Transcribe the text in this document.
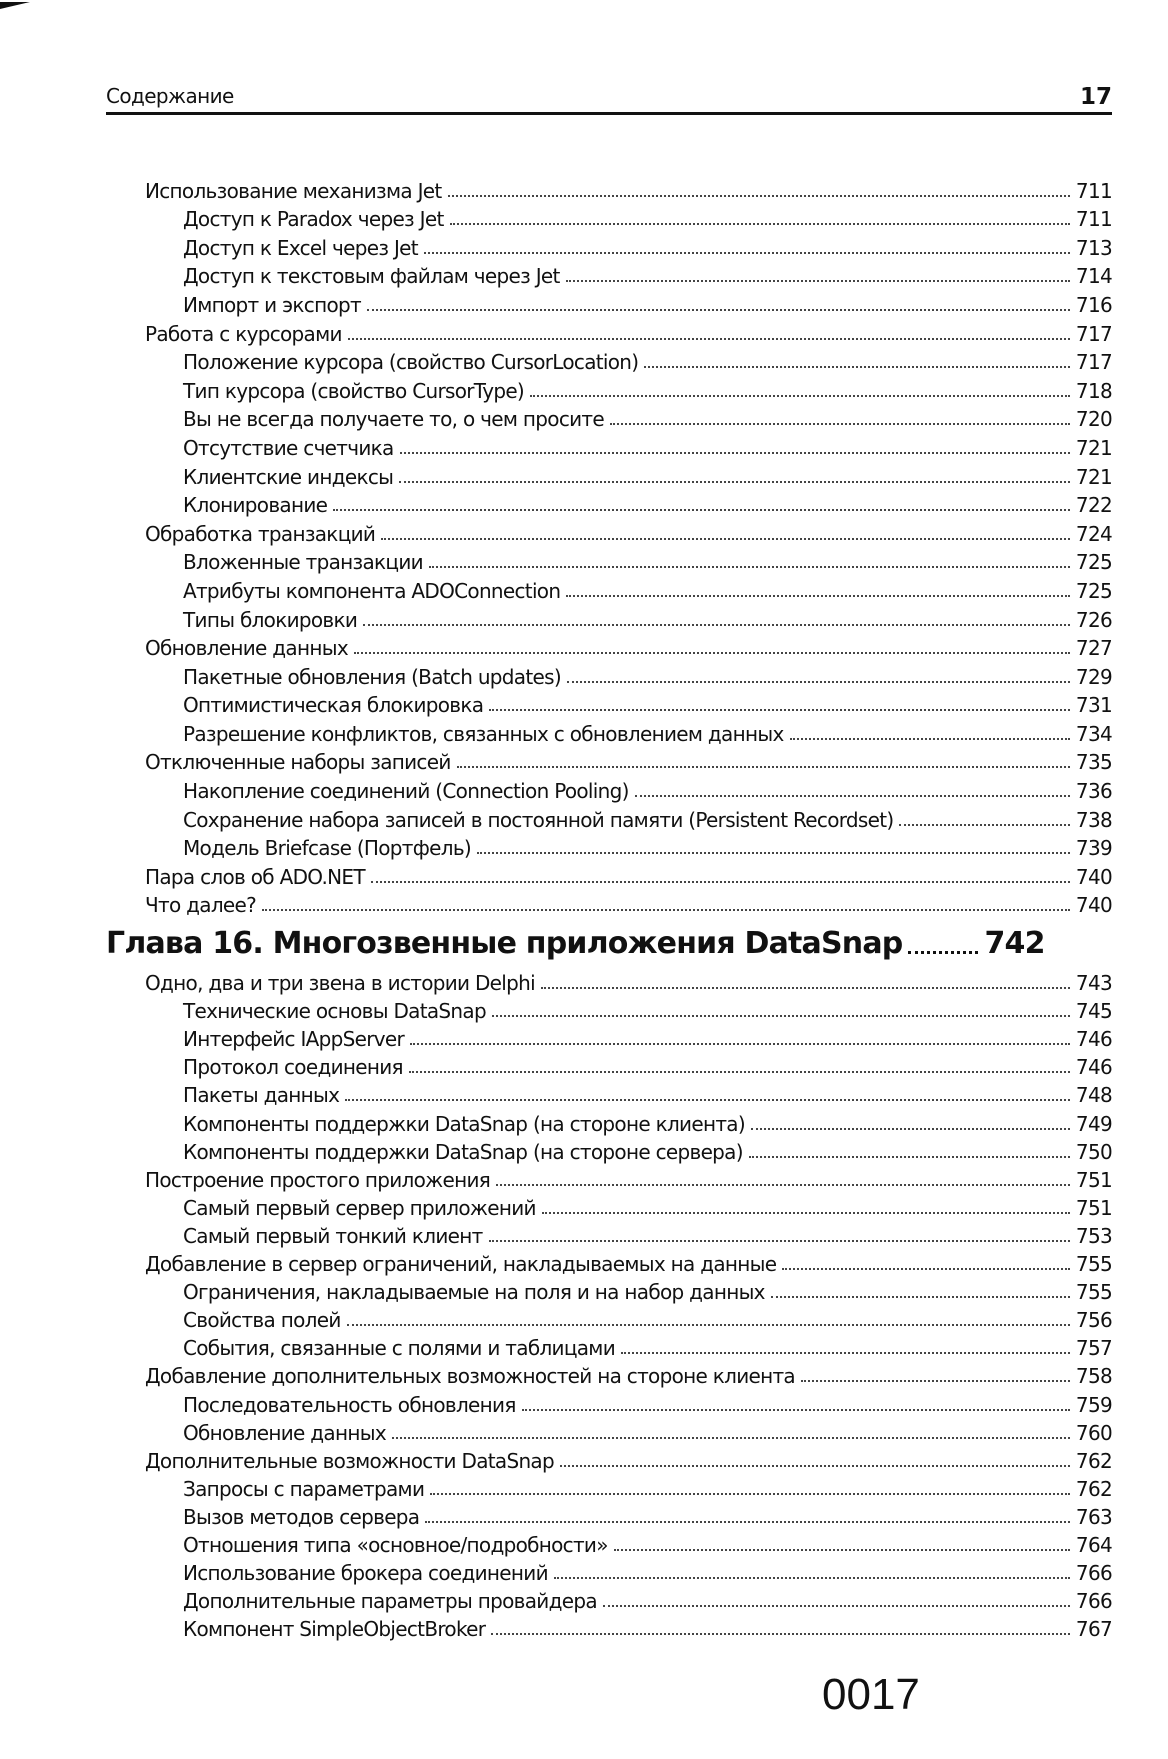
Содержание	17
Использование механизма Jet	711
Доступ к Paradox через Jet	711
Доступ к Excel через Jet	713
Доступ к текстовым файлам через Jet	714
Импорт и экспорт	716
Работа с курсорами	717
Положение курсора (свойство CursorLocation)	717
Тип курсора (свойство CursorType)	718
Вы не всегда получаете то, о чем просите	720
Отсутствие счетчика	721
Клиентские индексы	721
Клонирование	722
Обработка транзакций	724
Вложенные транзакции	725
Атрибуты компонента ADOConnection	725
Типы блокировки	726
Обновление данных	727
Пакетные обновления (Batch updates)	729
Оптимистическая блокировка	731
Разрешение конфликтов, связанных с обновлением данных	734
Отключенные наборы записей	735
Накопление соединений (Connection Pooling)	736
Сохранение набора записей в постоянной памяти (Persistent Recordset)	738
Модель Briefcase (Портфель)	739
Пара слов об ADO.NET	740
Что далее?	740
Глава 16. Многозвенные приложения DataSnap	742
Одно, два и три звена в истории Delphi	743
Технические основы DataSnap	745
Интерфейс IAppServer	746
Протокол соединения	746
Пакеты данных	748
Компоненты поддержки DataSnap (на стороне клиента)	749
Компоненты поддержки DataSnap (на стороне сервера)	750
Построение простого приложения	751
Самый первый сервер приложений	751
Самый первый тонкий клиент	753
Добавление в сервер ограничений, накладываемых на данные	755
Ограничения, накладываемые на поля и на набор данных	755
Свойства полей	756
События, связанные с полями и таблицами	757
Добавление дополнительных возможностей на стороне клиента	758
Последовательность обновления	759
Обновление данных	760
Дополнительные возможности DataSnap	762
Запросы с параметрами	762
Вызов методов сервера	763
Отношения типа «основное/подробности»	764
Использование брокера соединений	766
Дополнительные параметры провайдера	766
Компонент SimpleObjectBroker	767
0017
